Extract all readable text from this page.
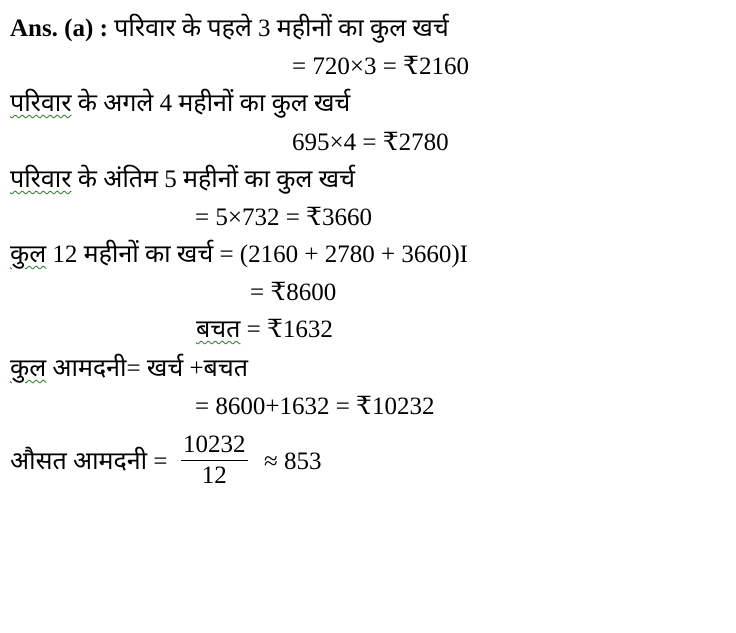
Ans. (a) : परिवार के पहले 3 महीनों का कुल खर्च
= 720×3 = ₹2160
परिवार के अगले 4 महीनों का कुल खर्च
695×4 = ₹2780
परिवार के अंतिम 5 महीनों का कुल खर्च
= 5×732 = ₹3660
कुल 12 महीनों का खर्च = (2160 + 2780 + 3660)I
= ₹8600
बचत = ₹1632
कुल आमदनी= खर्च +बचत
= 8600+1632 = ₹10232
औसत आमदनी = $\frac{10232}{12} \approx 853$
